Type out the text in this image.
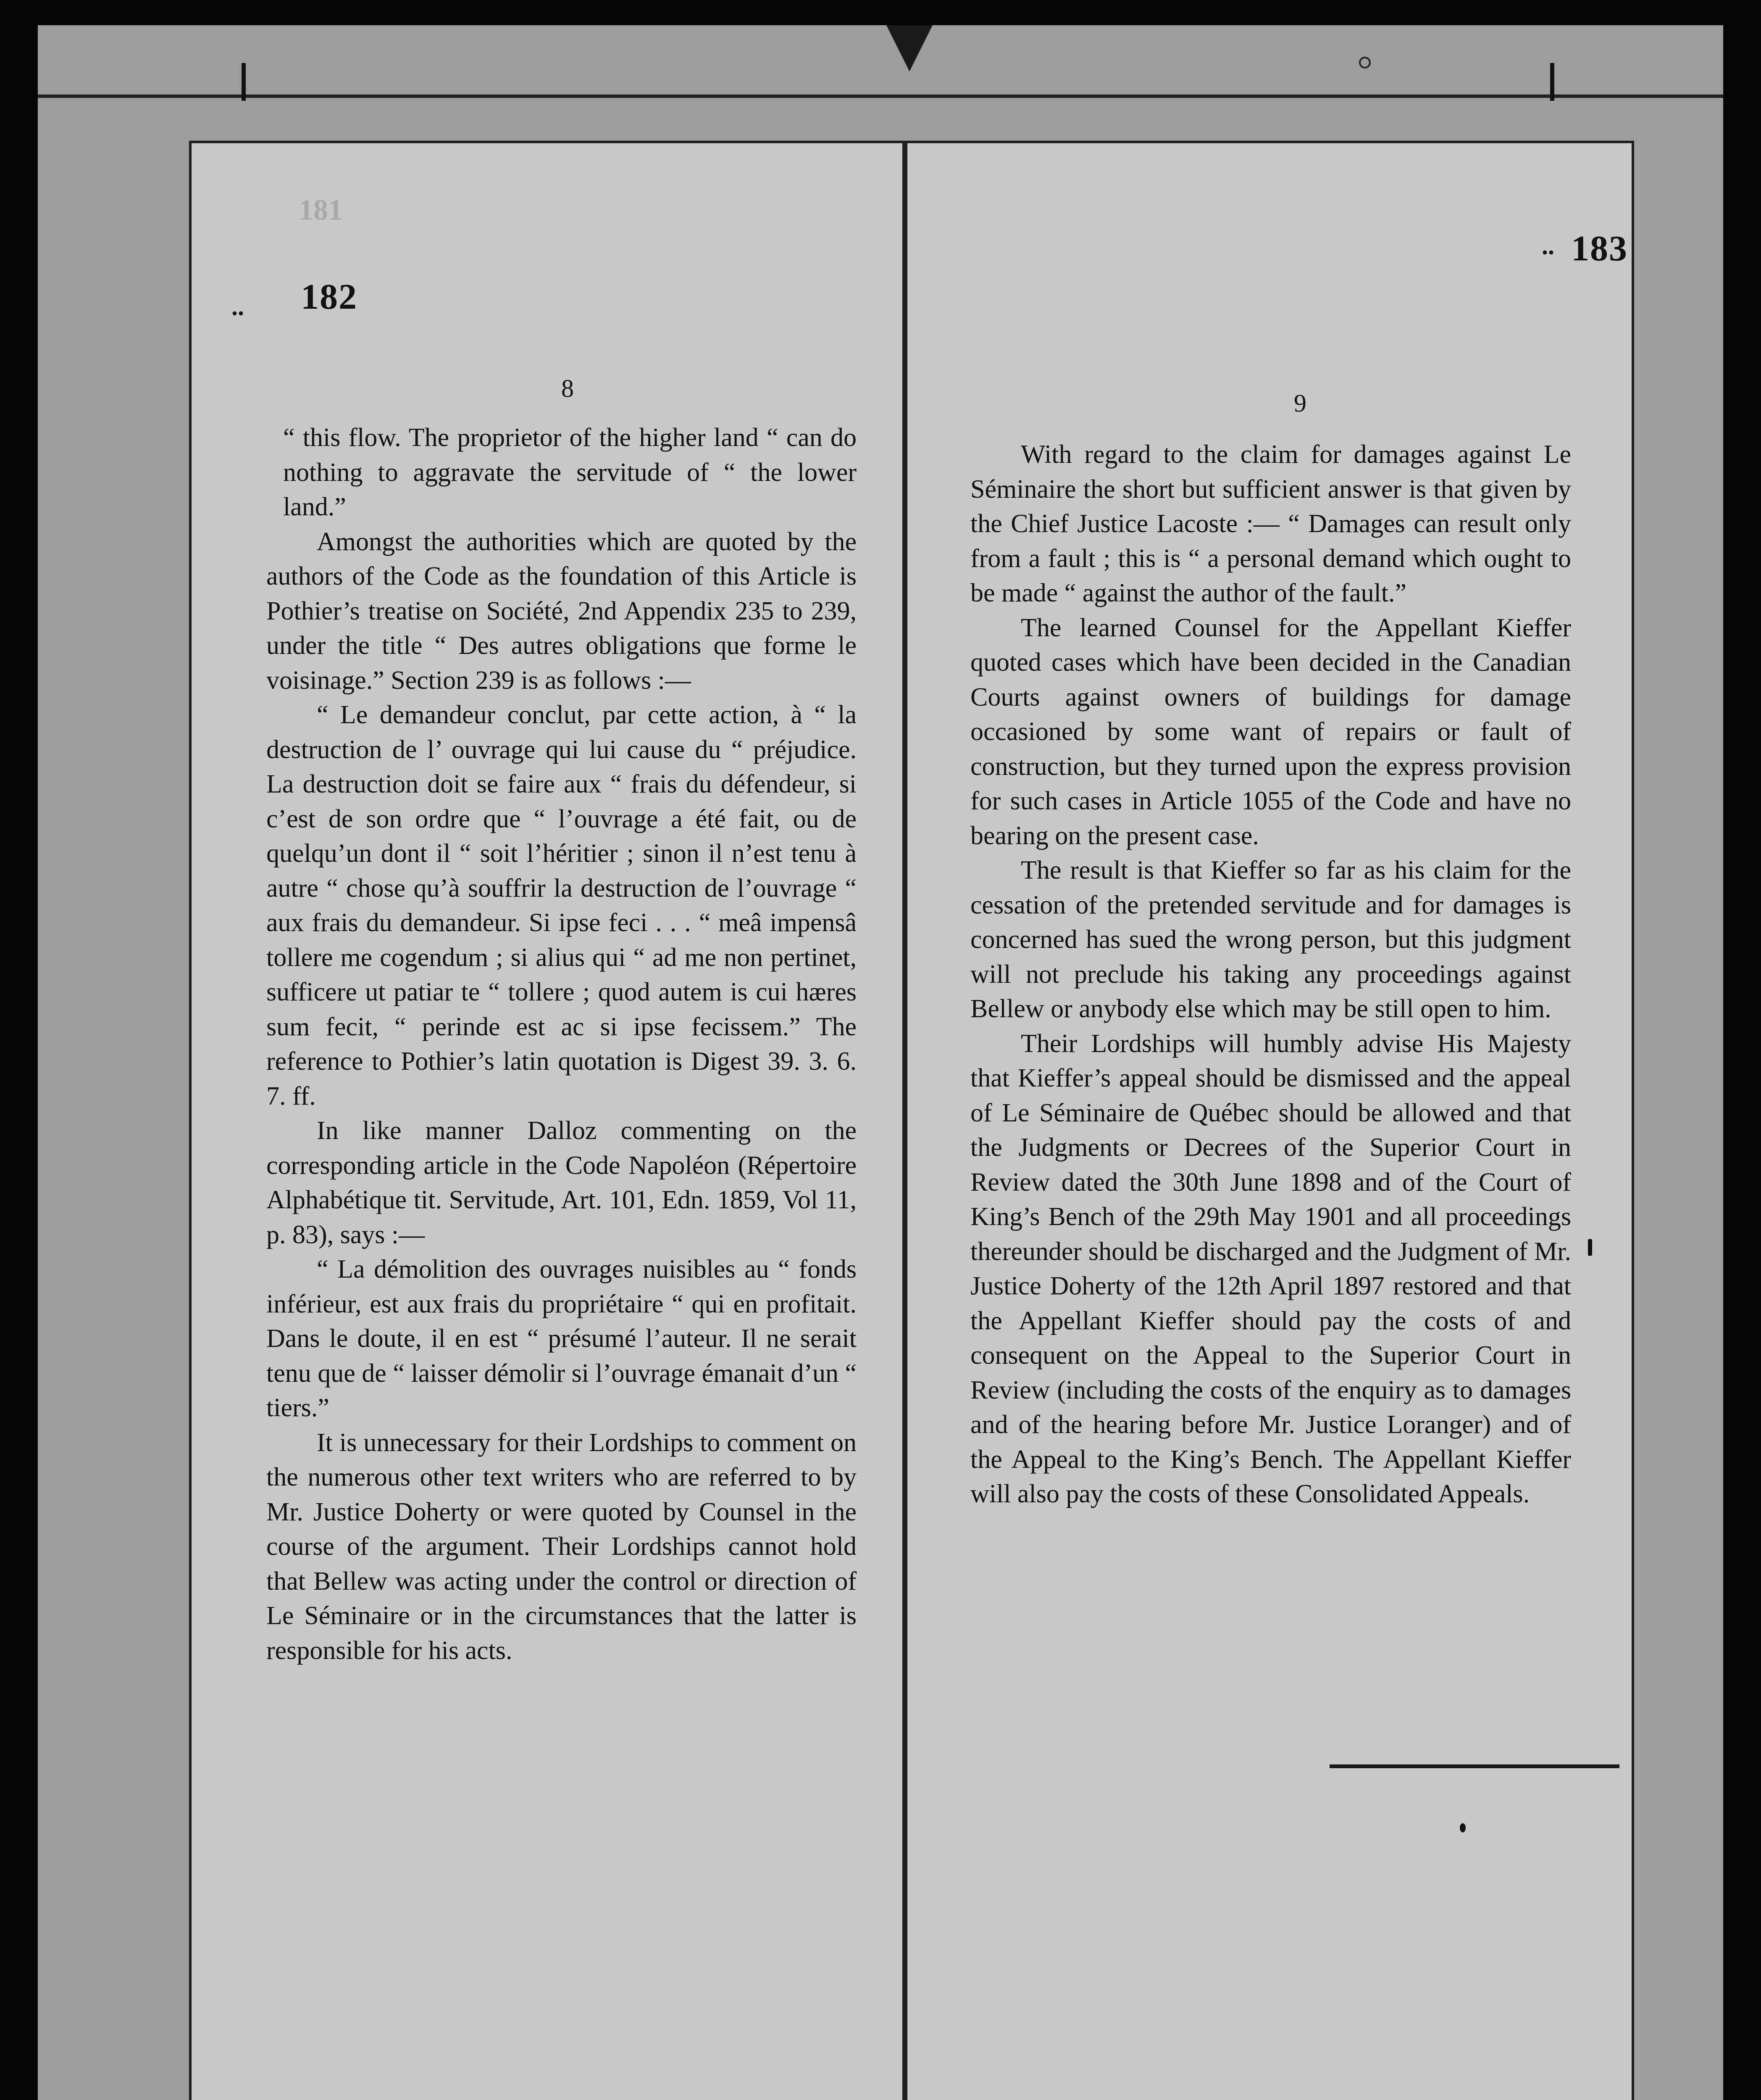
181
.. 182
8

“ this flow. The proprietor of the higher land “ can do nothing to aggravate the servitude of “ the lower land.”

Amongst the authorities which are quoted by the authors of the Code as the foundation of this Article is Pothier’s treatise on Société, 2nd Appendix 235 to 239, under the title “ Des autres obligations que forme le voisinage.” Section 239 is as follows :—

“ Le demandeur conclut, par cette action, à “ la destruction de l’ ouvrage qui lui cause du “ préjudice. La destruction doit se faire aux “ frais du défendeur, si c’est de son ordre que “ l’ouvrage a été fait, ou de quelqu’un dont il “ soit l’héritier ; sinon il n’est tenu à autre “ chose qu’à souffrir la destruction de l’ouvrage “ aux frais du demandeur. Si ipse feci . . . “ meâ impensâ tollere me cogendum ; si alius qui “ ad me non pertinet, sufficere ut patiar te “ tollere ; quod autem is cui hæres sum fecit, “ perinde est ac si ipse fecissem.” The reference to Pothier’s latin quotation is Digest 39. 3. 6. 7. ff.

In like manner Dalloz commenting on the corresponding article in the Code Napoléon (Répertoire Alphabétique tit. Servitude, Art. 101, Edn. 1859, Vol 11, p. 83), says :—

“ La démolition des ouvrages nuisibles au “ fonds inférieur, est aux frais du propriétaire “ qui en profitait. Dans le doute, il en est “ présumé l’auteur. Il ne serait tenu que de “ laisser démolir si l’ouvrage émanait d’un “ tiers.”

It is unnecessary for their Lordships to comment on the numerous other text writers who are referred to by Mr. Justice Doherty or were quoted by Counsel in the course of the argument. Their Lordships cannot hold that Bellew was acting under the control or direction of Le Séminaire or in the circumstances that the latter is responsible for his acts.

.. 183
9

With regard to the claim for damages against Le Séminaire the short but sufficient answer is that given by the Chief Justice Lacoste :— “ Damages can result only from a fault ; this is “ a personal demand which ought to be made “ against the author of the fault.”

The learned Counsel for the Appellant Kieffer quoted cases which have been decided in the Canadian Courts against owners of buildings for damage occasioned by some want of repairs or fault of construction, but they turned upon the express provision for such cases in Article 1055 of the Code and have no bearing on the present case.

The result is that Kieffer so far as his claim for the cessation of the pretended servitude and for damages is concerned has sued the wrong person, but this judgment will not preclude his taking any proceedings against Bellew or anybody else which may be still open to him.

Their Lordships will humbly advise His Majesty that Kieffer’s appeal should be dismissed and the appeal of Le Séminaire de Québec should be allowed and that the Judgments or Decrees of the Superior Court in Review dated the 30th June 1898 and of the Court of King’s Bench of the 29th May 1901 and all proceedings thereunder should be discharged and the Judgment of Mr. Justice Doherty of the 12th April 1897 restored and that the Appellant Kieffer should pay the costs of and consequent on the Appeal to the Superior Court in Review (including the costs of the enquiry as to damages and of the hearing before Mr. Justice Loranger) and of the Appeal to the King’s Bench. The Appellant Kieffer will also pay the costs of these Consolidated Appeals.
